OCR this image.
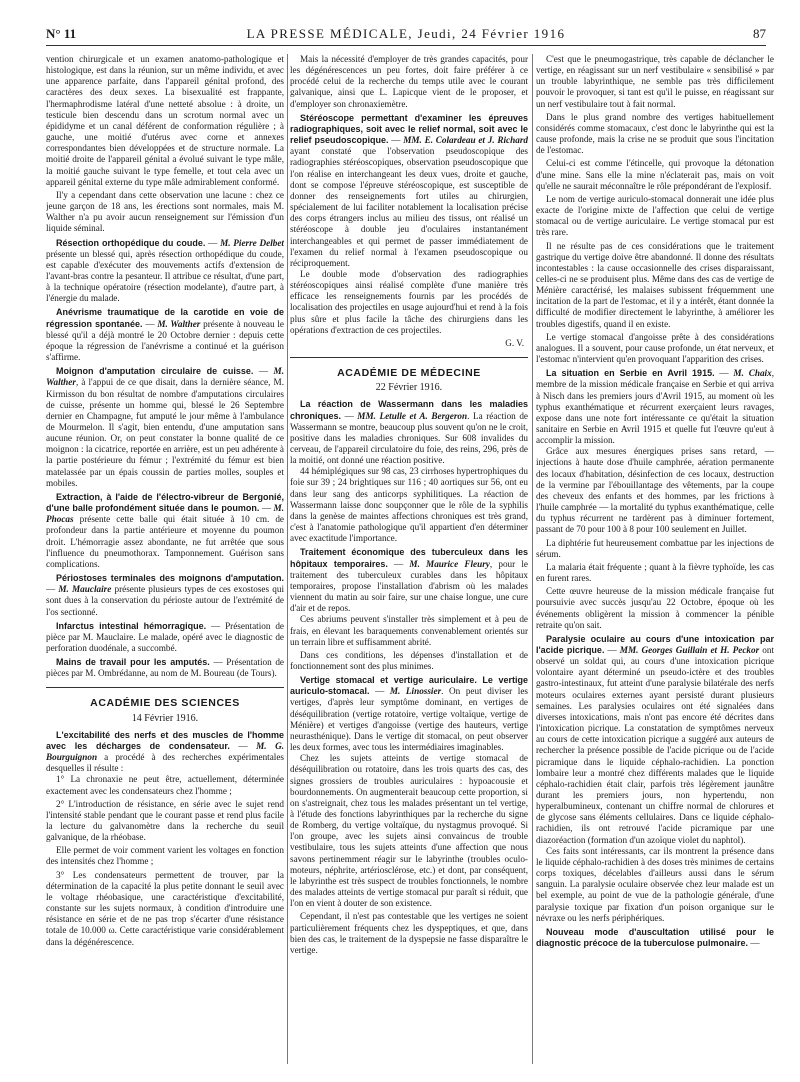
N° 11	LA PRESSE MÉDICALE, Jeudi, 24 Février 1916	87

vention chirurgicale et un examen anatomo-pathologique et histologique, est dans la réunion, sur un même individu, et avec une apparence parfaite, dans l'appareil génital profond, des caractères des deux sexes. La bisexualité est frappante, l'hermaphrodisme latéral d'une netteté absolue : à droite, un testicule bien descendu dans un scrotum normal avec un épididyme et un canal déférent de conformation régulière ; à gauche, une moitié d'utérus avec corne et annexes correspondantes bien développées et de structure normale. La moitié droite de l'appareil génital a évolué suivant le type mâle, la moitié gauche suivant le type femelle, et tout cela avec un appareil génital externe du type mâle admirablement conformé.

Il'y a cependant dans cette observation une lacune : chez ce jeune garçon de 18 ans, les érections sont normales, mais M. Walther n'a pu avoir aucun renseignement sur l'émission d'un liquide séminal.

Résection orthopédique du coude. — M. Pierre Delbet présente un blessé qui, après résection orthopédique du coude, est capable d'exécuter des mouvements actifs d'extension de l'avant-bras contre la pesanteur. Il attribue ce résultat, d'une part, à la technique opératoire (résection modelante), d'autre part, à l'énergie du malade.

Anévrisme traumatique de la carotide en voie de régression spontanée. — M. Walther présente à nouveau le blessé qu'il a déjà montré le 20 Octobre dernier : depuis cette époque la régression de l'anévrisme a continué et la guérison s'affirme.

Moignon d'amputation circulaire de cuisse. — M. Walther, à l'appui de ce que disait, dans la dernière séance, M. Kirmisson du bon résultat de nombre d'amputations circulaires de cuisse, présente un homme qui, blessé le 26 Septembre dernier en Champagne, fut amputé le jour même à l'ambulance de Mourmelon. Il s'agit, bien entendu, d'une amputation sans aucune réunion. Or, on peut constater la bonne qualité de ce moignon : la cicatrice, reportée en arrière, est un peu adhérente à la partie postérieure du fémur ; l'extrémité du fémur est bien matelassée par un épais coussin de parties molles, souples et mobiles.

Extraction, à l'aide de l'électro-vibreur de Bergonié, d'une balle profondément située dans le poumon. — M. Phocas présente cette balle qui était située à 10 cm. de profondeur dans la partie antérieure et moyenne du poumon droit. L'hémorragie assez abondante, ne fut arrêtée que sous l'influence du pneumothorax. Tamponnement. Guérison sans complications.

Périostoses terminales des moignons d'amputation. — M. Mauclaire présente plusieurs types de ces exostoses qui sont dues à la conservation du périoste autour de l'extrémité de l'os sectionné.

Infarctus intestinal hémorragique. — Présentation de pièce par M. Mauclaire. Le malade, opéré avec le diagnostic de perforation duodénale, a succombé.

Mains de travail pour les amputés. — Présentation de pièces par M. Ombrédanne, au nom de M. Boureau (de Tours).

ACADÉMIE DES SCIENCES
14 Février 1916.

L'excitabilité des nerfs et des muscles de l'homme avec les décharges de condensateur. — M. G. Bourguignon a procédé à des recherches expérimentales desquelles il résulte :

1° La chronaxie ne peut être, actuellement, déterminée exactement avec les condensateurs chez l'homme ;

2° L'introduction de résistance, en série avec le sujet rend l'intensité stable pendant que le courant passe et rend plus facile la lecture du galvanomètre dans la recherche du seuil galvanique, de la rhéobase.

Elle permet de voir comment varient les voltages en fonction des intensités chez l'homme ;

3° Les condensateurs permettent de trouver, par la détermination de la capacité la plus petite donnant le seuil avec le voltage rhéobasique, une caractéristique d'excitabilité, constante sur les sujets normaux, à condition d'introduire une résistance en série et de ne pas trop s'écarter d'une résistance totale de 10.000 ω. Cette caractéristique varie considérablement dans la dégénérescence.

Mais la nécessité d'employer de très grandes capacités, pour les dégénérescences un peu fortes, doit faire préférer à ce procédé celui de la recherche du temps utile avec le courant galvanique, ainsi que L. Lapicque vient de le proposer, et d'employer son chronaxiemètre.

Stéréoscope permettant d'examiner les épreuves radiographiques, soit avec le relief normal, soit avec le relief pseudoscopique. — MM. E. Colardeau et J. Richard ayant constaté que l'observation pseudoscopique des radiographies stéréoscopiques, observation pseudoscopique que l'on réalise en interchangeant les deux vues, droite et gauche, dont se compose l'épreuve stéréoscopique, est susceptible de donner des renseignements fort utiles au chirurgien, spécialement de lui faciliter notablement la localisation précise des corps étrangers inclus au milieu des tissus, ont réalisé un stéréoscope à double jeu d'oculaires instantanément interchangeables et qui permet de passer immédiatement de l'examen du relief normal à l'examen pseudoscopique ou réciproquement.

Le double mode d'observation des radiographies stéréoscopiques ainsi réalisé complète d'une manière très efficace les renseignements fournis par les procédés de localisation des projectiles en usage aujourd'hui et rend à la fois plus sûre et plus facile la tâche des chirurgiens dans les opérations d'extraction de ces projectiles.

G. V.
ACADÉMIE DE MÉDECINE
22 Février 1916.

La réaction de Wassermann dans les maladies chroniques. — MM. Letulle et A. Bergeron. La réaction de Wassermann se montre, beaucoup plus souvent qu'on ne le croit, positive dans les maladies chroniques. Sur 608 invalides du cerveau, de l'appareil circulatoire du foie, des reins, 296, près de la moitié, ont donné une réaction positive.

44 hémiplégiques sur 98 cas, 23 cirrhoses hypertrophiques du foie sur 39 ; 24 brightiques sur 116 ; 40 aortiques sur 56, ont eu dans leur sang des anticorps syphilitiques. La réaction de Wassermann laisse donc soupçonner que le rôle de la syphilis dans la genèse de maintes affections chroniques est très grand, c'est à l'anatomie pathologique qu'il appartient d'en déterminer avec exactitude l'importance.

Traitement économique des tuberculeux dans les hôpitaux temporaires. — M. Maurice Fleury, pour le traitement des tuberculeux curables dans les hôpitaux temporaires, propose l'installation d'abrism où les malades viennent du matin au soir faire, sur une chaise longue, une cure d'air et de repos.

Ces abriums peuvent s'installer très simplement et à peu de frais, en élevant les baraquements convenablement orientés sur un terrain libre et suffisamment abrité.

Dans ces conditions, les dépenses d'installation et de fonctionnement sont des plus minimes.

Vertige stomacal et vertige auriculaire. Le vertige auriculo-stomacal. — M. Linossier. On peut diviser les vertiges, d'après leur symptôme dominant, en vertiges de déséquilibration (vertige rotatoire, vertige voltaïque, vertige de Ménière) et vertiges d'angoisse (vertige des hauteurs, vertige neurasthénique). Dans le vertige dit stomacal, on peut observer les deux formes, avec tous les intermédiaires imaginables.

Chez les sujets atteints de vertige stomacal de déséquilibration ou rotatoire, dans les trois quarts des cas, des signes grossiers de troubles auriculaires : hypoacousie et bourdonnements. On augmenterait beaucoup cette proportion, si on s'astreignait, chez tous les malades présentant un tel vertige, à l'étude des fonctions labyrinthiques par la recherche du signe de Romberg, du vertige voltaïque, du nystagmus provoqué. Si l'on groupe, avec les sujets ainsi convaincus de trouble vestibulaire, tous les sujets atteints d'une affection que nous savons pertinemment réagir sur le labyrinthe (troubles oculo-moteurs, néphrite, artériosclérose, etc.) et dont, par conséquent, le labyrinthe est très suspect de troubles fonctionnels, le nombre des malades atteints de vertige stomacal pur paraît si réduit, que l'on en vient à douter de son existence.

Cependant, il n'est pas contestable que les vertiges ne soient particulièrement fréquents chez les dyspeptiques, et que, dans bien des cas, le traitement de la dyspepsie ne fasse disparaître le vertige.

C'est que le pneumogastrique, très capable de déclancher le vertige, en réagissant sur un nerf vestibulaire « sensibilisé » par un trouble labyrinthique, ne semble pas très difficilement pouvoir le provoquer, si tant est qu'il le puisse, en réagissant sur un nerf vestibulaire tout à fait normal.

Dans le plus grand nombre des vertiges habituellement considérés comme stomacaux, c'est donc le labyrinthe qui est la cause profonde, mais la crise ne se produit que sous l'incitation de l'estomac.

Celui-ci est comme l'étincelle, qui provoque la détonation d'une mine. Sans elle la mine n'éclaterait pas, mais on voit qu'elle ne saurait méconnaître le rôle prépondérant de l'explosif.

Le nom de vertige auriculo-stomacal donnerait une idée plus exacte de l'origine mixte de l'affection que celui de vertige stomacal ou de vertige auriculaire. Le vertige stomacal pur est très rare.

Il ne résulte pas de ces considérations que le traitement gastrique du vertige doive être abandonné. Il donne des résultats incontestables : la cause occasionnelle des crises disparaissant, celles-ci ne se produisent plus. Même dans des cas de vertige de Ménière caractérisé, les malaises subissent fréquemment une incitation de la part de l'estomac, et il y a intérêt, étant donnée la difficulté de modifier directement le labyrinthe, à améliorer les troubles digestifs, quand il en existe.

Le vertige stomacal d'angoisse prête à des considérations analogues. Il a souvent, pour cause profonde, un état nerveux, et l'estomac n'intervient qu'en provoquant l'apparition des crises.

La situation en Serbie en Avril 1915. — M. Chaix, membre de la mission médicale française en Serbie et qui arriva à Nisch dans les premiers jours d'Avril 1915, au moment où les typhus exanthématique et récurrent exerçaient leurs ravages, expose dans une note fort intéressante ce qu'était la situation sanitaire en Serbie en Avril 1915 et quelle fut l'œuvre qu'eut à accomplir la mission.

Grâce aux mesures énergiques prises sans retard, — injections à haute dose d'huile camphrée, aération permanente des locaux d'habitation, désinfection de ces locaux, destruction de la vermine par l'ébouillantage des vêtements, par la coupe des cheveux des enfants et des hommes, par les frictions à l'huile camphrée — la mortalité du typhus exanthématique, celle du typhus récurrent ne tardèrent pas à diminuer fortement, passant de 70 pour 100 à 8 pour 100 seulement en Juillet.

La diphtérie fut heureusement combattue par les injections de sérum.

La malaria était fréquente ; quant à la fièvre typhoïde, les cas en furent rares.

Cette œuvre heureuse de la mission médicale française fut poursuivie avec succès jusqu'au 22 Octobre, époque où les événements obligèrent la mission à commencer la pénible retraite qu'on sait.

Paralysie oculaire au cours d'une intoxication par l'acide picrique. — MM. Georges Guillain et H. Peckor ont observé un soldat qui, au cours d'une intoxication picrique volontaire ayant déterminé un pseudo-ictère et des troubles gastro-intestinaux, fut atteint d'une paralysie bilatérale des nerfs moteurs oculaires externes ayant persisté durant plusieurs semaines. Les paralysies oculaires ont été signalées dans diverses intoxications, mais n'ont pas encore été décrites dans l'intoxication picrique. La constatation de symptômes nerveux au cours de cette intoxication picrique a suggéré aux auteurs de rechercher la présence possible de l'acide picrique ou de l'acide picramique dans le liquide céphalo-rachidien. La ponction lombaire leur a montré chez différents malades que le liquide céphalo-rachidien était clair, parfois très légèrement jaunâtre durant les premiers jours, non hypertendu, non hyperalbumineux, contenant un chiffre normal de chlorures et de glycose sans éléments cellulaires. Dans ce liquide céphalo-rachidien, ils ont retrouvé l'acide picramique par une diazoréaction (formation d'un azoïque violet du naphtol).

Ces faits sont intéressants, car ils montrent la présence dans le liquide céphalo-rachidien à des doses très minimes de certains corps toxiques, décelables d'ailleurs aussi dans le sérum sanguin. La paralysie oculaire observée chez leur malade est un bel exemple, au point de vue de la pathologie générale, d'une paralysie toxique par fixation d'un poison organique sur le névraxe ou les nerfs périphériques.

Nouveau mode d'auscultation utilisé pour le diagnostic précoce de la tuberculose pulmonaire. —
